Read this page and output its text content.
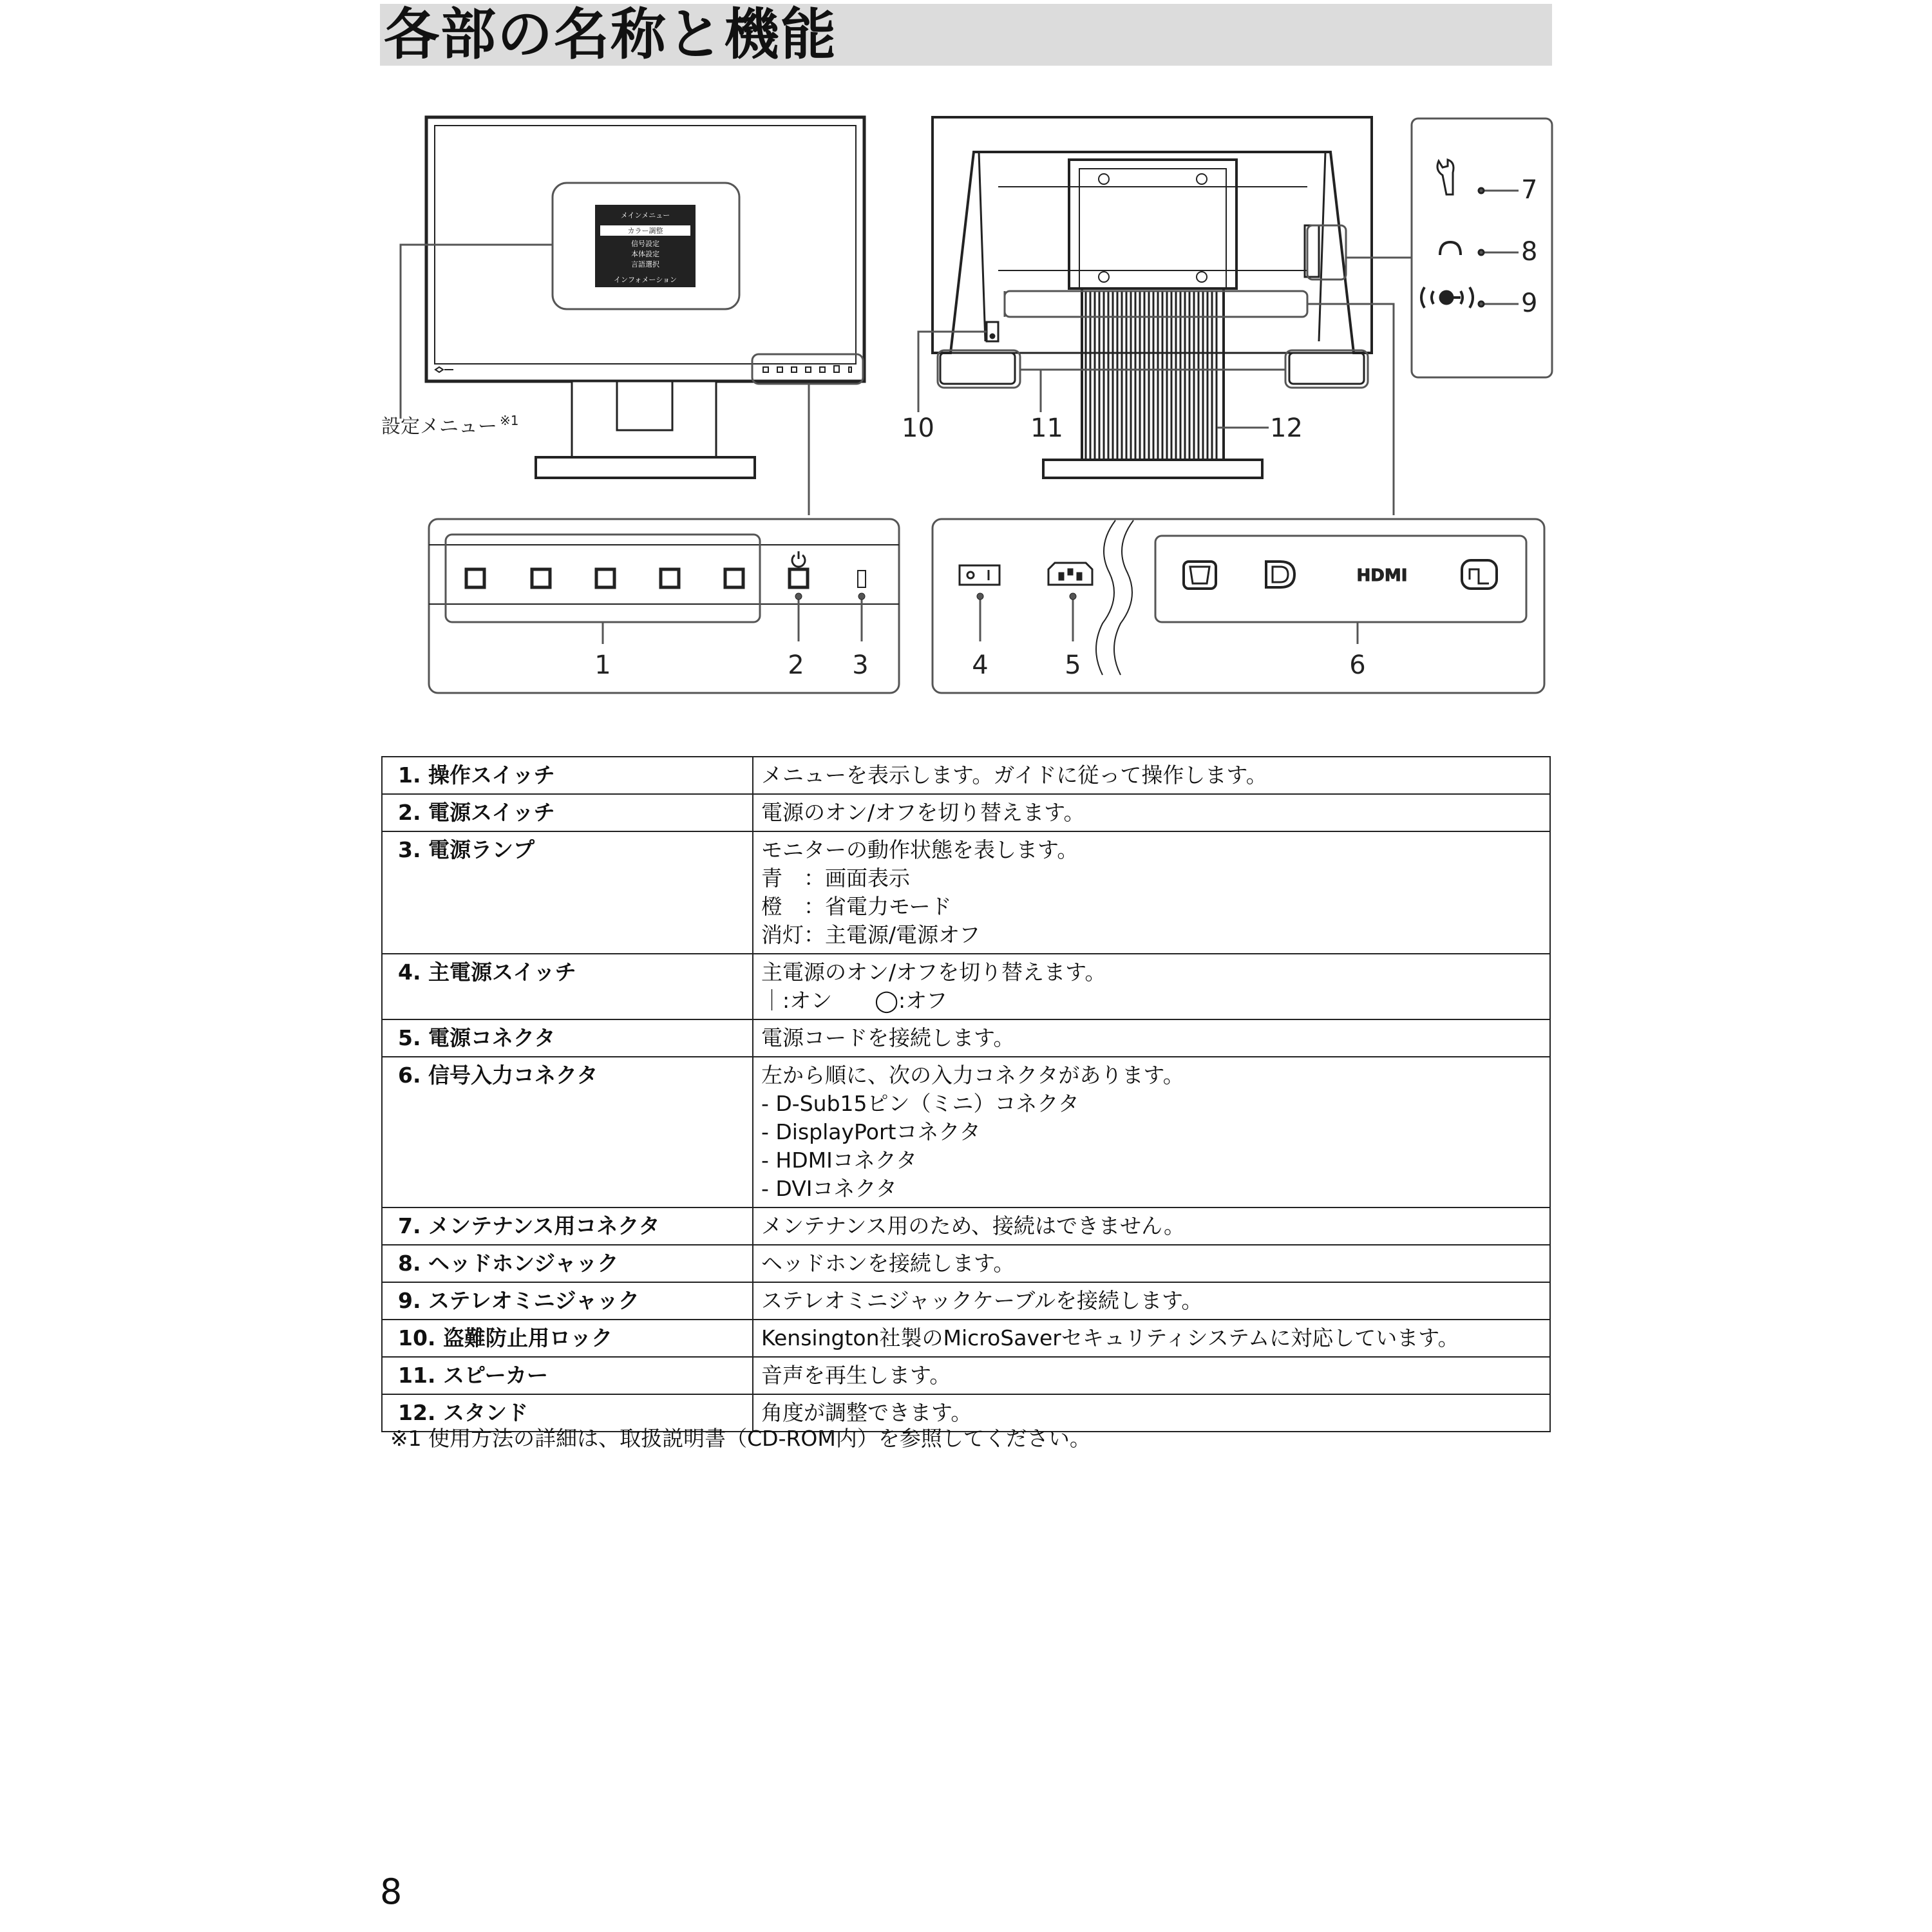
各部の名称と機能
メインメニュー
カラー調整
信号設定
本体設定
言語選択
インフォメーション
設定メニュー ※1
HDMI
1	2 3	4	5	6
7
8
9
10	11	12
1. 操作スイッチ	メニューを表示します。ガイドに従って操作します。

2. 電源スイッチ	電源のオン/オフを切り替えます。

3. 電源ランプ	モニターの動作状態を表します。
青　：画面表示
橙　：省電力モード
消灯：主電源/電源オフ

4. 主電源スイッチ	主電源のオン/オフを切り替えます。
｜:オン　　◯:オフ

5. 電源コネクタ	電源コードを接続します。

6. 信号入力コネクタ	左から順に、次の入力コネクタがあります。
- D-Sub15ピン（ミニ）コネクタ
- DisplayPortコネクタ
- HDMIコネクタ
- DVIコネクタ

7. メンテナンス用コネクタ	メンテナンス用のため、接続はできません。

8. ヘッドホンジャック	ヘッドホンを接続します。

9. ステレオミニジャック	ステレオミニジャックケーブルを接続します。

10. 盗難防止用ロック	Kensington社製のMicroSaverセキュリティシステムに対応しています。

11. スピーカー	音声を再生します。

12. スタンド	角度が調整できます。
※1 使用方法の詳細は、取扱説明書（CD-ROM内）を参照してください。
8
